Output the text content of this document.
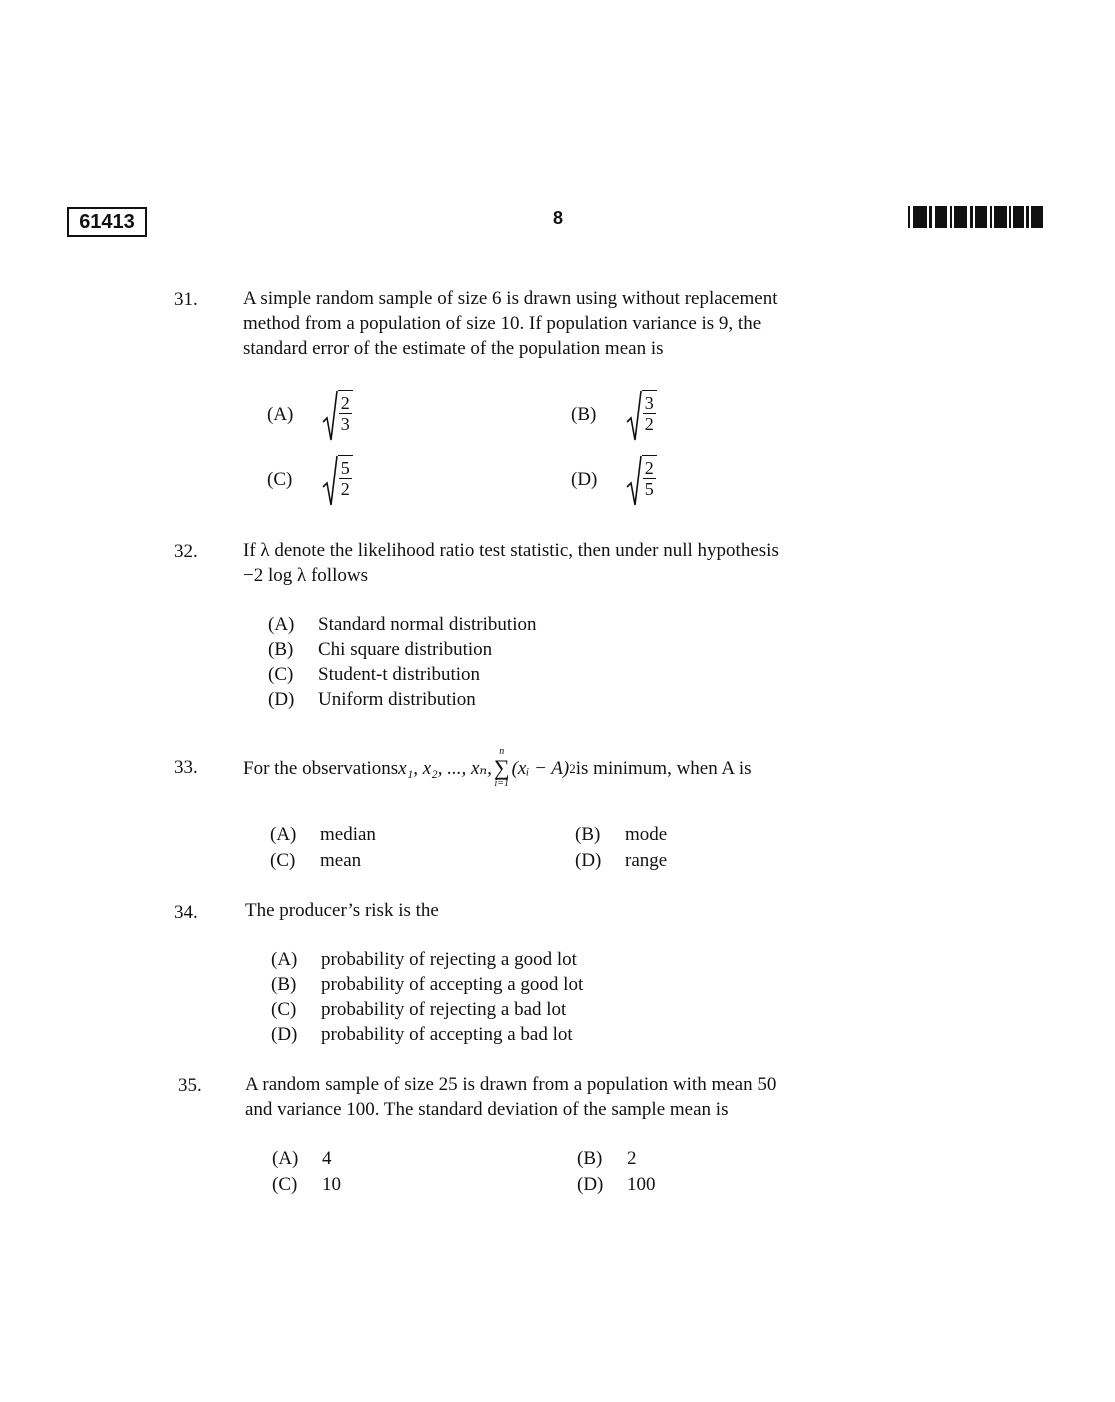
61413	8
31. A simple random sample of size 6 is drawn using without replacement
method from a population of size 10. If population variance is 9, the
standard error of the estimate of the population mean is
(A)	$\frac{2}{3}$	(B)	$\frac{3}{2}$
(C)	$\frac{5}{2}$	(D)	$\frac{2}{5}$
32. If λ denote the likelihood ratio test statistic, then under null hypothesis
−2 log λ follows
(A) Standard normal distribution
(B) Chi square distribution
(C) Student-t distribution
(D) Uniform distribution
33. For the observations x₁, x₂, ..., xₙ,
n
∑
i=1
(xᵢ − A) 2 is minimum, when A is
(A) median	(B) mode
(C) mean	(D) range
34. The producer’s risk is the
(A) probability of rejecting a good lot
(B) probability of accepting a good lot
(C) probability of rejecting a bad lot
(D) probability of accepting a bad lot
35. A random sample of size 25 is drawn from a population with mean 50
and variance 100. The standard deviation of the sample mean is
(A) 4	(B) 2
(C) 10	(D) 100
